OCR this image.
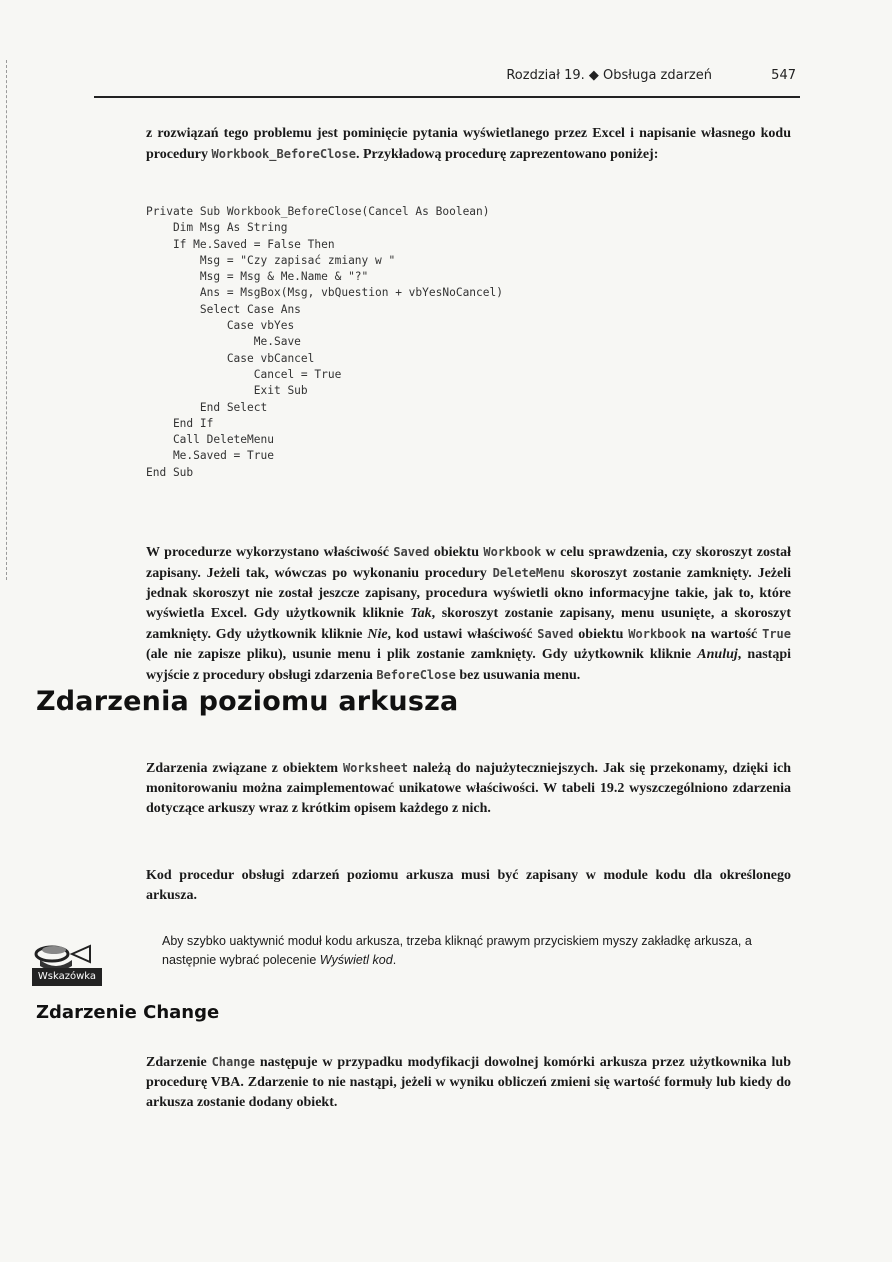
Rozdział 19. ◆ Obsługa zdarzeń	547

z rozwiązań tego problemu jest pominięcie pytania wyświetlanego przez Excel i napisanie własnego kodu procedury Workbook_BeforeClose. Przykładową procedurę zaprezentowano poniżej:

Private Sub Workbook_BeforeClose(Cancel As Boolean)
Dim Msg As String
If Me.Saved = False Then
Msg = "Czy zapisać zmiany w "
Msg = Msg & Me.Name & "?"
Ans = MsgBox(Msg, vbQuestion + vbYesNoCancel)
Select Case Ans
Case vbYes
Me.Save
Case vbCancel
Cancel = True
Exit Sub
End Select
End If
Call DeleteMenu
Me.Saved = True
End Sub

W procedurze wykorzystano właściwość Saved obiektu Workbook w celu sprawdzenia, czy skoroszyt został zapisany. Jeżeli tak, wówczas po wykonaniu procedury DeleteMenu skoroszyt zostanie zamknięty. Jeżeli jednak skoroszyt nie został jeszcze zapisany, procedura wyświetli okno informacyjne takie, jak to, które wyświetla Excel. Gdy użytkownik kliknie Tak, skoroszyt zostanie zapisany, menu usunięte, a skoroszyt zamknięty. Gdy użytkownik kliknie Nie, kod ustawi właściwość Saved obiektu Workbook na wartość True (ale nie zapisze pliku), usunie menu i plik zostanie zamknięty. Gdy użytkownik kliknie Anuluj, nastąpi wyjście z procedury obsługi zdarzenia BeforeClose bez usuwania menu.

Zdarzenia poziomu arkusza

Zdarzenia związane z obiektem Worksheet należą do najużyteczniejszych. Jak się przekonamy, dzięki ich monitorowaniu można zaimplementować unikatowe właściwości. W tabeli 19.2 wyszczególniono zdarzenia dotyczące arkuszy wraz z krótkim opisem każdego z nich.

Kod procedur obsługi zdarzeń poziomu arkusza musi być zapisany w module kodu dla określonego arkusza.

Wskazówka

Aby szybko uaktywnić moduł kodu arkusza, trzeba kliknąć prawym przyciskiem myszy zakładkę arkusza, a następnie wybrać polecenie Wyświetl kod.

Zdarzenie Change

Zdarzenie Change następuje w przypadku modyfikacji dowolnej komórki arkusza przez użytkownika lub procedurę VBA. Zdarzenie to nie nastąpi, jeżeli w wyniku obliczeń zmieni się wartość formuły lub kiedy do arkusza zostanie dodany obiekt.
